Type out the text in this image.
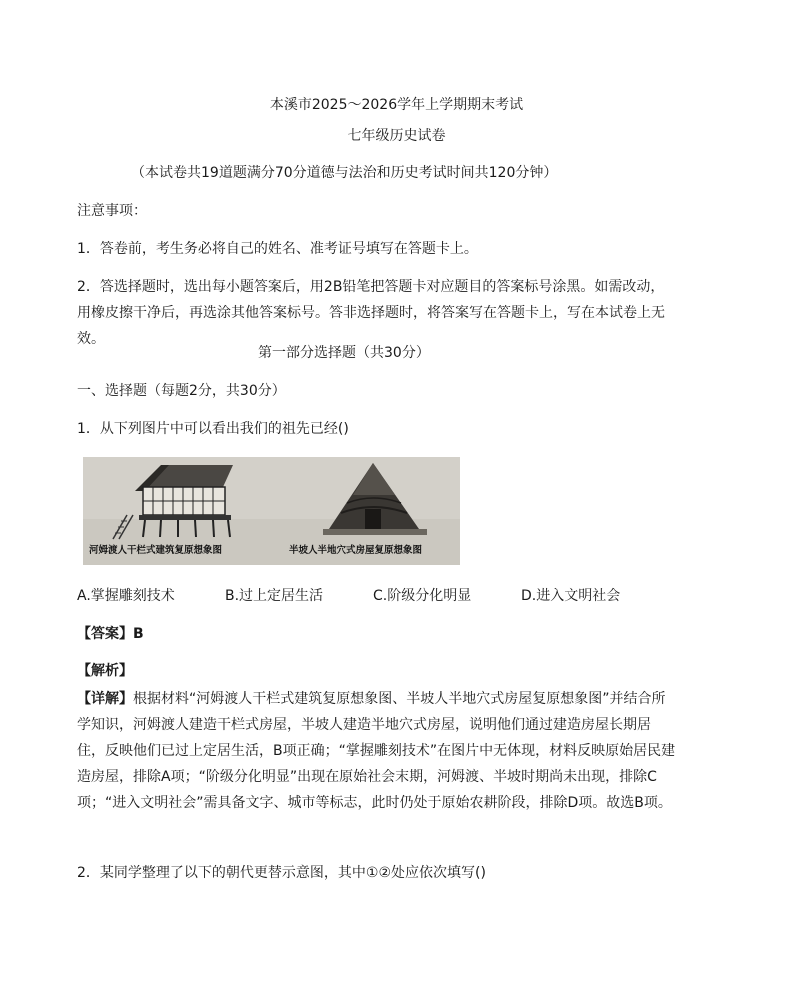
本溪市2025～2026学年上学期期末考试
七年级历史试卷
（本试卷共19道题满分70分道德与法治和历史考试时间共120分钟）
注意事项：
1．答卷前，考生务必将自己的姓名、准考证号填写在答题卡上。
2．答选择题时，选出每小题答案后，用2B铅笔把答题卡对应题目的答案标号涂黑。如需改动，用橡皮擦干净后，再选涂其他答案标号。答非选择题时，将答案写在答题卡上，写在本试卷上无效。
第一部分选择题（共30分）
一、选择题（每题2分，共30分）
1．从下列图片中可以看出我们的祖先已经()
河姆渡人干栏式建筑复原想象图	半坡人半地穴式房屋复原想象图
A.掌握雕刻技术	B.过上定居生活	C.阶级分化明显	D.进入文明社会
【答案】B
【解析】
【详解】根据材料“河姆渡人干栏式建筑复原想象图、半坡人半地穴式房屋复原想象图”并结合所学知识，河姆渡人建造干栏式房屋，半坡人建造半地穴式房屋，说明他们通过建造房屋长期居住，反映他们已过上定居生活，B项正确；“掌握雕刻技术”在图片中无体现，材料反映原始居民建造房屋，排除A项；“阶级分化明显”出现在原始社会末期，河姆渡、半坡时期尚未出现，排除C项；“进入文明社会”需具备文字、城市等标志，此时仍处于原始农耕阶段，排除D项。故选B项。
2．某同学整理了以下的朝代更替示意图，其中①②处应依次填写()
